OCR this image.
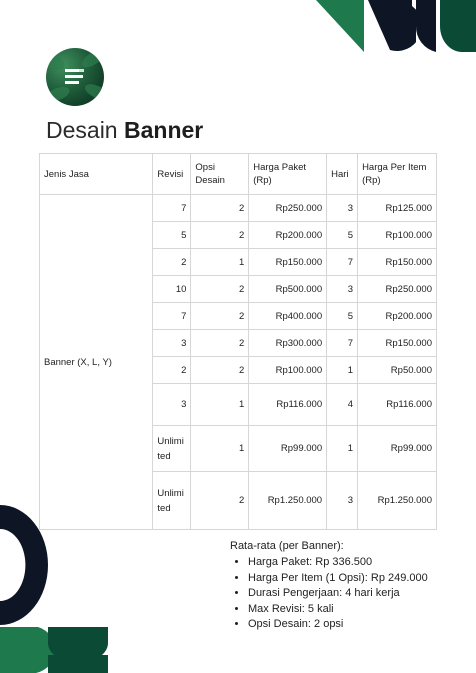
Desain Banner
Jenis Jasa	Revisi	Opsi Desain	Harga Paket (Rp)	Hari	Harga Per Item (Rp)
Banner (X, L, Y)	7	2	Rp250.000	3	Rp125.000
	5	2	Rp200.000	5	Rp100.000
	2	1	Rp150.000	7	Rp150.000
	10	2	Rp500.000	3	Rp250.000
	7	2	Rp400.000	5	Rp200.000
	3	2	Rp300.000	7	Rp150.000
	2	2	Rp100.000	1	Rp50.000
	3	1	Rp116.000	4	Rp116.000
	Unlimited	1	Rp99.000	1	Rp99.000
	Unlimited	2	Rp1.250.000	3	Rp1.250.000
Rata-rata (per Banner):
• Harga Paket: Rp 336.500
• Harga Per Item (1 Opsi): Rp 249.000
• Durasi Pengerjaan: 4 hari kerja
• Max Revisi: 5 kali
• Opsi Desain: 2 opsi
